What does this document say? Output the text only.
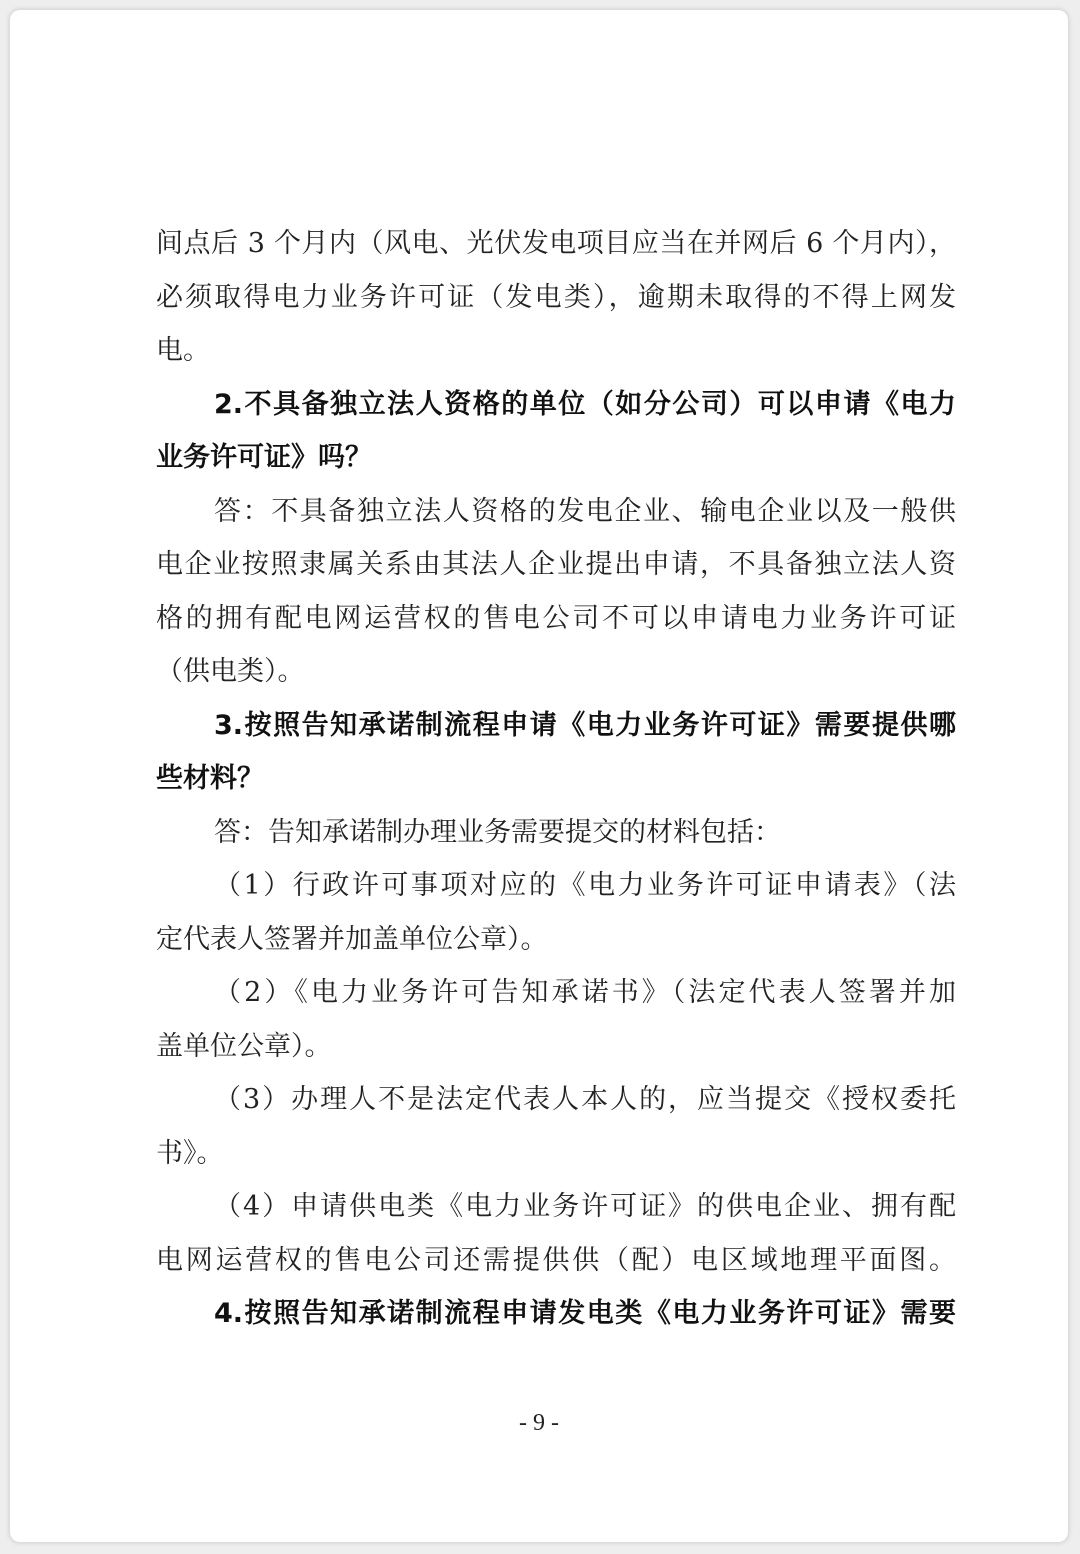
间点后 3 个月内（风电、光伏发电项目应当在并网后 6 个月内），
必须取得电力业务许可证（发电类），逾期未取得的不得上网发
电。
2.不具备独立法人资格的单位（如分公司）可以申请《电力
业务许可证》吗？
答：不具备独立法人资格的发电企业、输电企业以及一般供
电企业按照隶属关系由其法人企业提出申请，不具备独立法人资
格的拥有配电网运营权的售电公司不可以申请电力业务许可证
（供电类）。
3.按照告知承诺制流程申请《电力业务许可证》需要提供哪
些材料？
答：告知承诺制办理业务需要提交的材料包括：
（1）行政许可事项对应的《电力业务许可证申请表》（法
定代表人签署并加盖单位公章）。
（2）《电力业务许可告知承诺书》（法定代表人签署并加
盖单位公章）。
（3）办理人不是法定代表人本人的，应当提交《授权委托
书》。
（4）申请供电类《电力业务许可证》的供电企业、拥有配
电网运营权的售电公司还需提供供（配）电区域地理平面图。
4.按照告知承诺制流程申请发电类《电力业务许可证》需要
- 9 -
